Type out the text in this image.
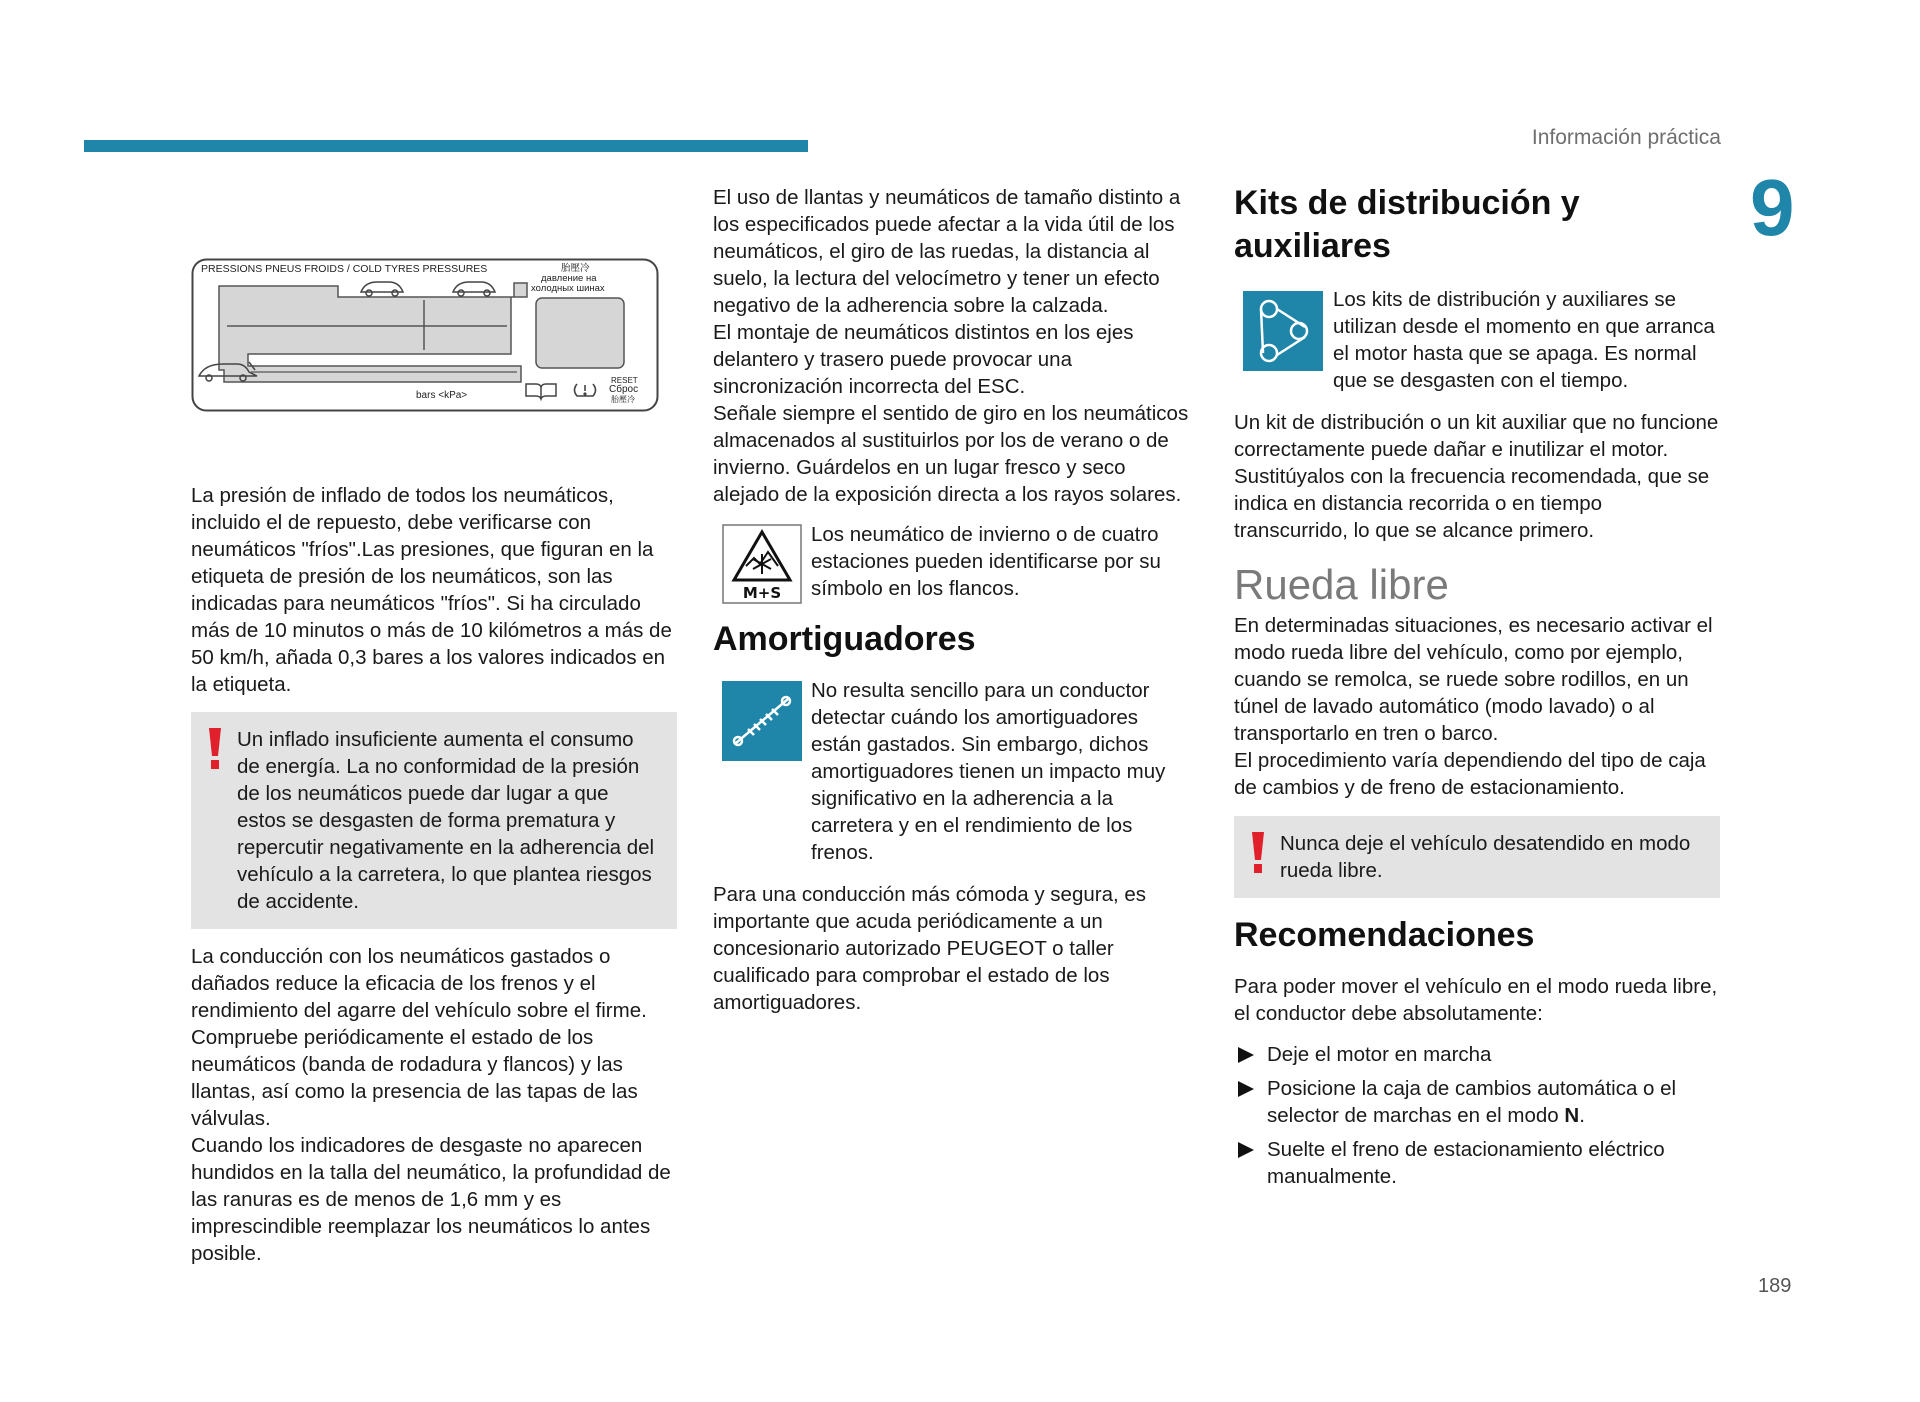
Información práctica
9
PRESSIONS PNEUS FROIDS / COLD TYRES PRESSURES	胎壓冷
давление на
холодных шинах
bars <kPa>
RESET
Сброс
胎壓冷

La presión de inflado de todos los neumáticos, incluido el de repuesto, debe verificarse con neumáticos "fríos".Las presiones, que figuran en la etiqueta de presión de los neumáticos, son las indicadas para neumáticos "fríos". Si ha circulado más de 10 minutos o más de 10 kilómetros a más de 50 km/h, añada 0,3 bares a los valores indicados en la etiqueta.

Un inflado insuficiente aumenta el consumo de energía. La no conformidad de la presión de los neumáticos puede dar lugar a que estos se desgasten de forma prematura y repercutir negativamente en la adherencia del vehículo a la carretera, lo que plantea riesgos de accidente.

La conducción con los neumáticos gastados o dañados reduce la eficacia de los frenos y el rendimiento del agarre del vehículo sobre el firme. Compruebe periódicamente el estado de los neumáticos (banda de rodadura y flancos) y las llantas, así como la presencia de las tapas de las válvulas.

Cuando los indicadores de desgaste no aparecen hundidos en la talla del neumático, la profundidad de las ranuras es de menos de 1,6 mm y es imprescindible reemplazar los neumáticos lo antes posible.

El uso de llantas y neumáticos de tamaño distinto a los especificados puede afectar a la vida útil de los neumáticos, el giro de las ruedas, la distancia al suelo, la lectura del velocímetro y tener un efecto negativo de la adherencia sobre la calzada.

El montaje de neumáticos distintos en los ejes delantero y trasero puede provocar una sincronización incorrecta del ESC.

Señale siempre el sentido de giro en los neumáticos almacenados al sustituirlos por los de verano o de invierno. Guárdelos en un lugar fresco y seco alejado de la exposición directa a los rayos solares.

M+S

Los neumático de invierno o de cuatro estaciones pueden identificarse por su símbolo en los flancos.

Amortiguadores

No resulta sencillo para un conductor detectar cuándo los amortiguadores están gastados. Sin embargo, dichos amortiguadores tienen un impacto muy significativo en la adherencia a la carretera y en el rendimiento de los frenos.

Para una conducción más cómoda y segura, es importante que acuda periódicamente a un concesionario autorizado PEUGEOT o taller cualificado para comprobar el estado de los amortiguadores.

Kits de distribución y auxiliares

Los kits de distribución y auxiliares se utilizan desde el momento en que arranca el motor hasta que se apaga. Es normal que se desgasten con el tiempo.

Un kit de distribución o un kit auxiliar que no funcione correctamente puede dañar e inutilizar el motor. Sustitúyalos con la frecuencia recomendada, que se indica en distancia recorrida o en tiempo transcurrido, lo que se alcance primero.

Rueda libre

En determinadas situaciones, es necesario activar el modo rueda libre del vehículo, como por ejemplo, cuando se remolca, se ruede sobre rodillos, en un túnel de lavado automático (modo lavado) o al transportarlo en tren o barco.

El procedimiento varía dependiendo del tipo de caja de cambios y de freno de estacionamiento.

Nunca deje el vehículo desatendido en modo rueda libre.

Recomendaciones

Para poder mover el vehículo en el modo rueda libre, el conductor debe absolutamente:

Deje el motor en marcha
Posicione la caja de cambios automática o el selector de marchas en el modo N.
Suelte el freno de estacionamiento eléctrico manualmente.
189
